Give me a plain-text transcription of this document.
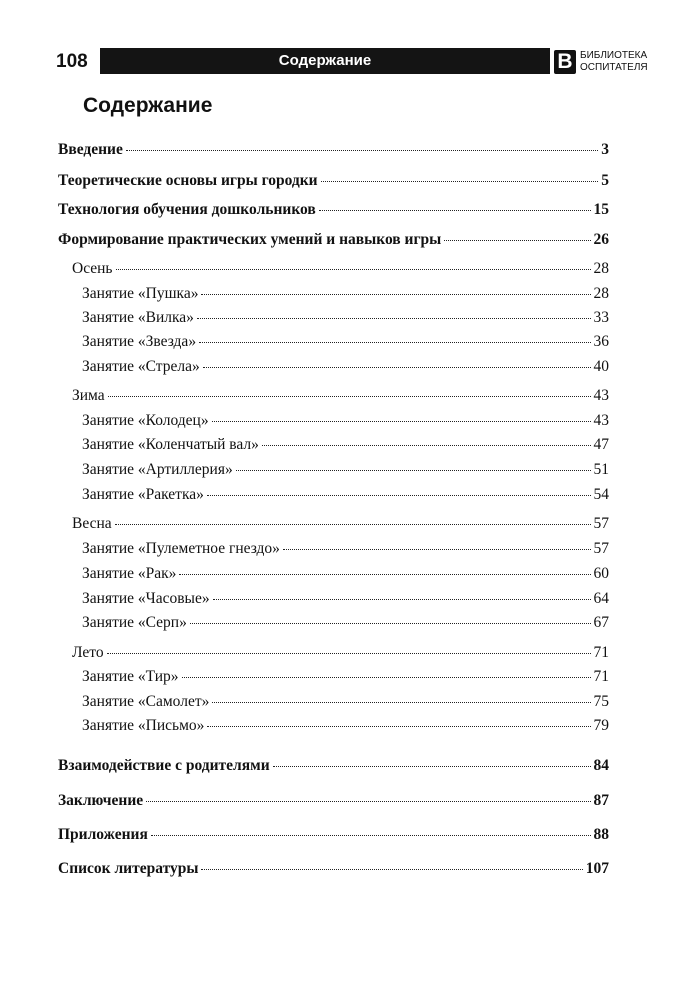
108	Содержание	В БИБЛИОТЕКА
ОСПИТАТЕЛЯ
Содержание
Введение	3
Теоретические основы игры городки	5
Технология обучения дошкольников	15
Формирование практических умений и навыков игры	26
Осень	28
Занятие «Пушка»	28
Занятие «Вилка»	33
Занятие «Звезда»	36
Занятие «Стрела»	40
Зима	43
Занятие «Колодец»	43
Занятие «Коленчатый вал»	47
Занятие «Артиллерия»	51
Занятие «Ракетка»	54
Весна	57
Занятие «Пулеметное гнездо»	57
Занятие «Рак»	60
Занятие «Часовые»	64
Занятие «Серп»	67
Лето	71
Занятие «Тир»	71
Занятие «Самолет»	75
Занятие «Письмо»	79
Взаимодействие с родителями	84
Заключение	87
Приложения	88
Список литературы	107
